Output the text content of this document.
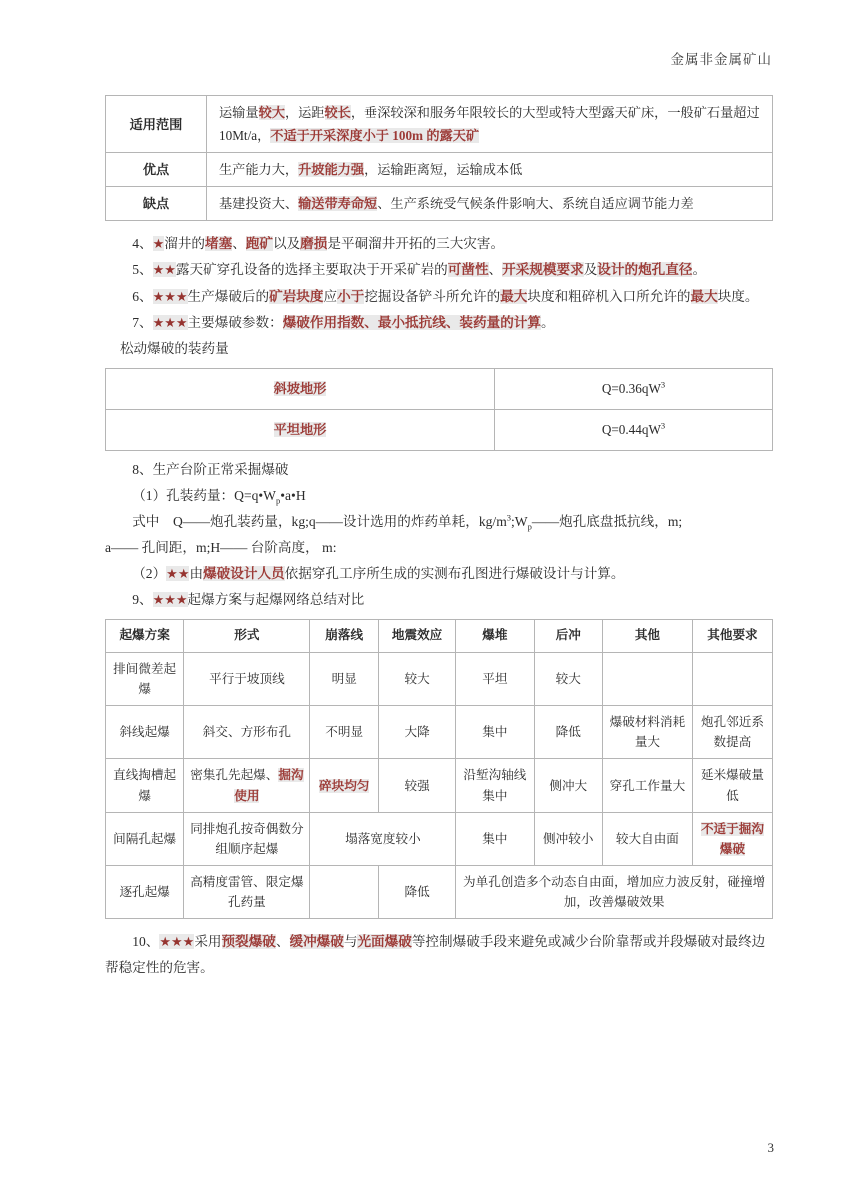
金属非金属矿山
适用范围	运输量较大，运距较长，垂深较深和服务年限较长的大型或特大型露天矿床，一般矿石量超过 10Mt/a，不适于开采深度小于 100m 的露天矿
优点	生产能力大，升坡能力强，运输距离短，运输成本低
缺点	基建投资大、输送带寿命短、生产系统受气候条件影响大、系统自适应调节能力差

4、★溜井的堵塞、跑矿以及磨损是平硐溜井开拓的三大灾害。

5、★★露天矿穿孔设备的选择主要取决于开采矿岩的可凿性、开采规模要求及设计的炮孔直径。

6、★★★生产爆破后的矿岩块度应小于挖掘设备铲斗所允许的最大块度和粗碎机入口所允许的最大块度。

7、★★★主要爆破参数：爆破作用指数、最小抵抗线、装药量的计算。

松动爆破的装药量

斜坡地形	$Q=0.36qW^3$
平坦地形	$Q=0.44qW^3$

8、生产台阶正常采掘爆破

（1）孔装药量：$Q=q•W_p•a•H$

式中　Q——炮孔装药量，kg;q——设计选用的炸药单耗，$kg/m^3;W_p——$炮孔底盘抵抗线，m;

a—— 孔间距，m;H—— 台阶高度， m:

（2）★★由爆破设计人员依据穿孔工序所生成的实测布孔图进行爆破设计与计算。

9、★★★起爆方案与起爆网络总结对比

起爆方案	形式	崩落线	地震效应	爆堆	后冲	其他	其他要求
排间微差起爆	平行于坡顶线	明显	较大	平坦	较大		
斜线起爆	斜交、方形布孔	不明显	大降	集中	降低	爆破材料消耗量大	炮孔邻近系数提高
直线掏槽起爆	密集孔先起爆、掘沟使用	碎块均匀	较强	沿堑沟轴线集中	侧冲大	穿孔工作量大	延米爆破量低
间隔孔起爆	同排炮孔按奇偶数分组顺序起爆	塌落宽度较小		集中	侧冲较小	较大自由面	不适于掘沟爆破
逐孔起爆	高精度雷管、限定爆孔药量		降低	为单孔创造多个动态自由面，增加应力波反射，碰撞增加，改善爆破效果			

10、★★★采用预裂爆破、缓冲爆破与光面爆破等控制爆破手段来避免或减少台阶靠帮或并段爆破对最终边帮稳定性的危害。

3
